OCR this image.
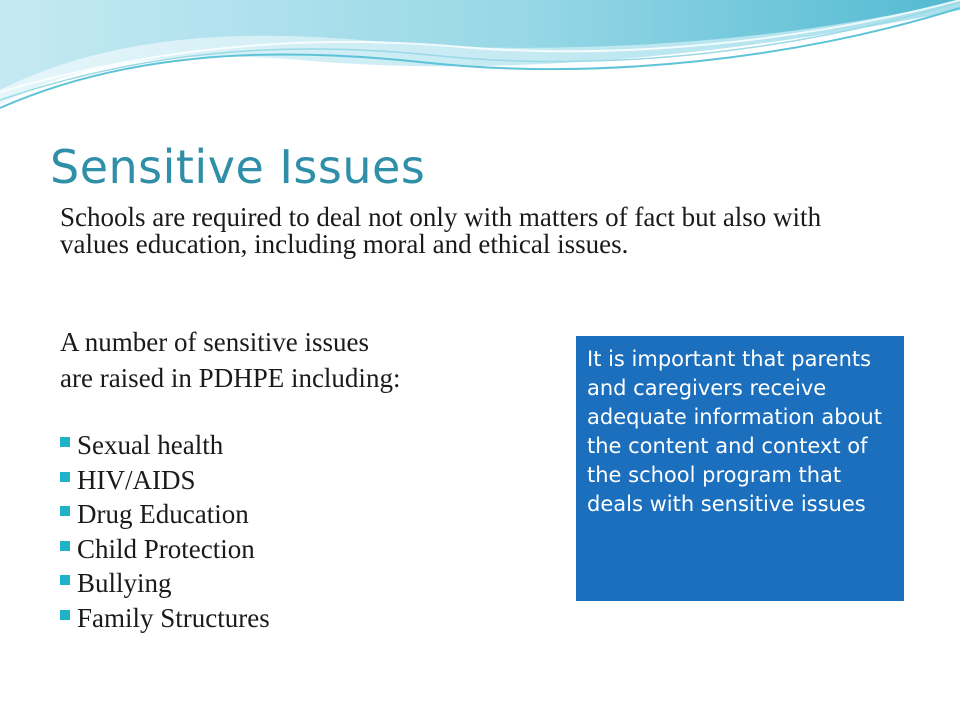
Sensitive Issues

Schools are required to deal not only with matters of fact but also with values education, including moral and ethical issues.

A number of sensitive issues
are raised in PDHPE including:
Sexual health
HIV/AIDS
Drug Education
Child Protection
Bullying
Family Structures
It is important that parents and caregivers receive adequate information about the content and context of the school program that deals with sensitive issues
